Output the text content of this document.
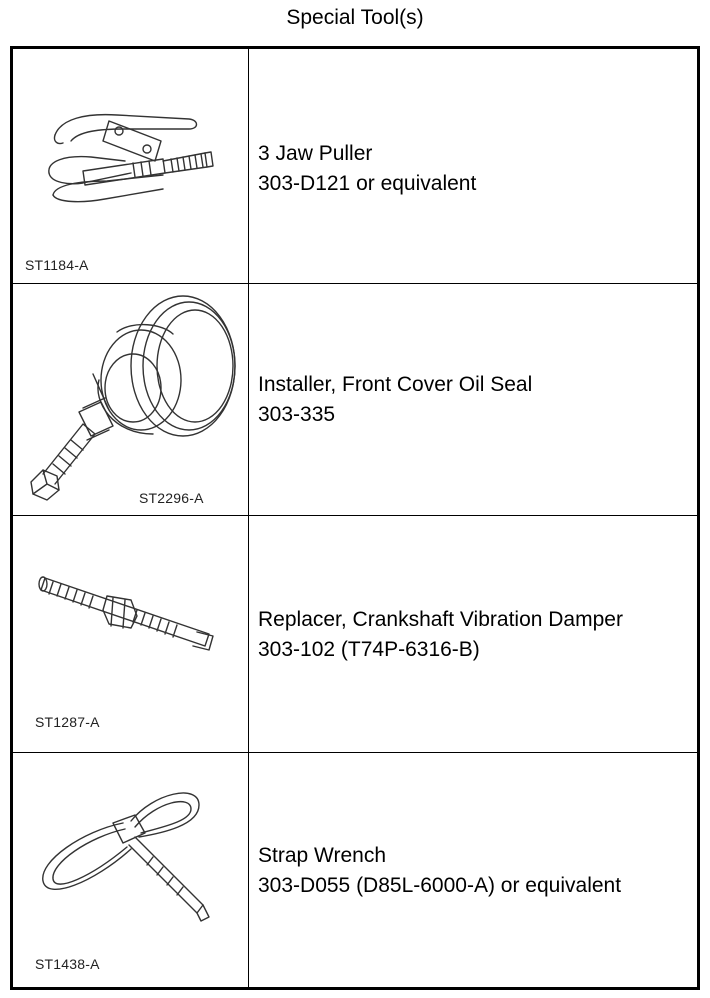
Special Tool(s)
ST1184-A
3 Jaw Puller
303-D121 or equivalent
ST2296-A
Installer, Front Cover Oil Seal
303-335
ST1287-A
Replacer, Crankshaft Vibration Damper
303-102 (T74P-6316-B)
ST1438-A
Strap Wrench
303-D055 (D85L-6000-A) or equivalent
